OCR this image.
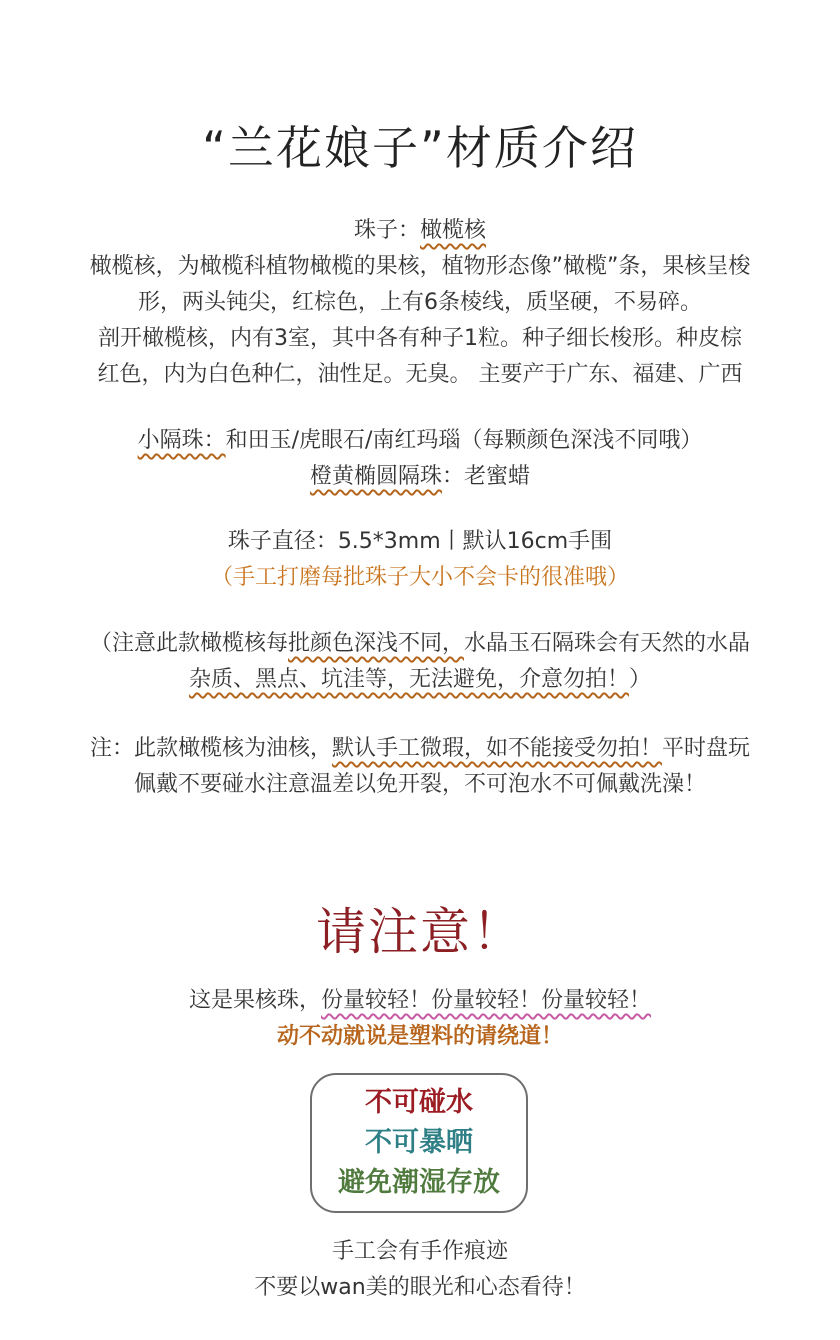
“兰花娘子”材质介绍
珠子：橄榄核
橄榄核，为橄榄科植物橄榄的果核，植物形态像”橄榄”条，果核呈梭
形，两头钝尖，红棕色，上有6条棱线，质坚硬，不易碎。
剖开橄榄核，内有3室，其中各有种子1粒。种子细长梭形。种皮棕
红色，内为白色种仁，油性足。无臭。 主要产于广东、福建、广西
小隔珠：和田玉/虎眼石/南红玛瑙（每颗颜色深浅不同哦）
橙黄椭圆隔珠：老蜜蜡
珠子直径：5.5*3mm丨默认16cm手围
（手工打磨每批珠子大小不会卡的很准哦）
（注意此款橄榄核每批颜色深浅不同，水晶玉石隔珠会有天然的水晶
杂质、黑点、坑洼等，无法避免，介意勿拍！）
注：此款橄榄核为油核，默认手工微瑕，如不能接受勿拍！平时盘玩
佩戴不要碰水注意温差以免开裂，不可泡水不可佩戴洗澡！
请注意！
这是果核珠，份量较轻！份量较轻！份量较轻！
动不动就说是塑料的请绕道！
不可碰水
不可暴晒
避免潮湿存放
手工会有手作痕迹
不要以wan美的眼光和心态看待！
